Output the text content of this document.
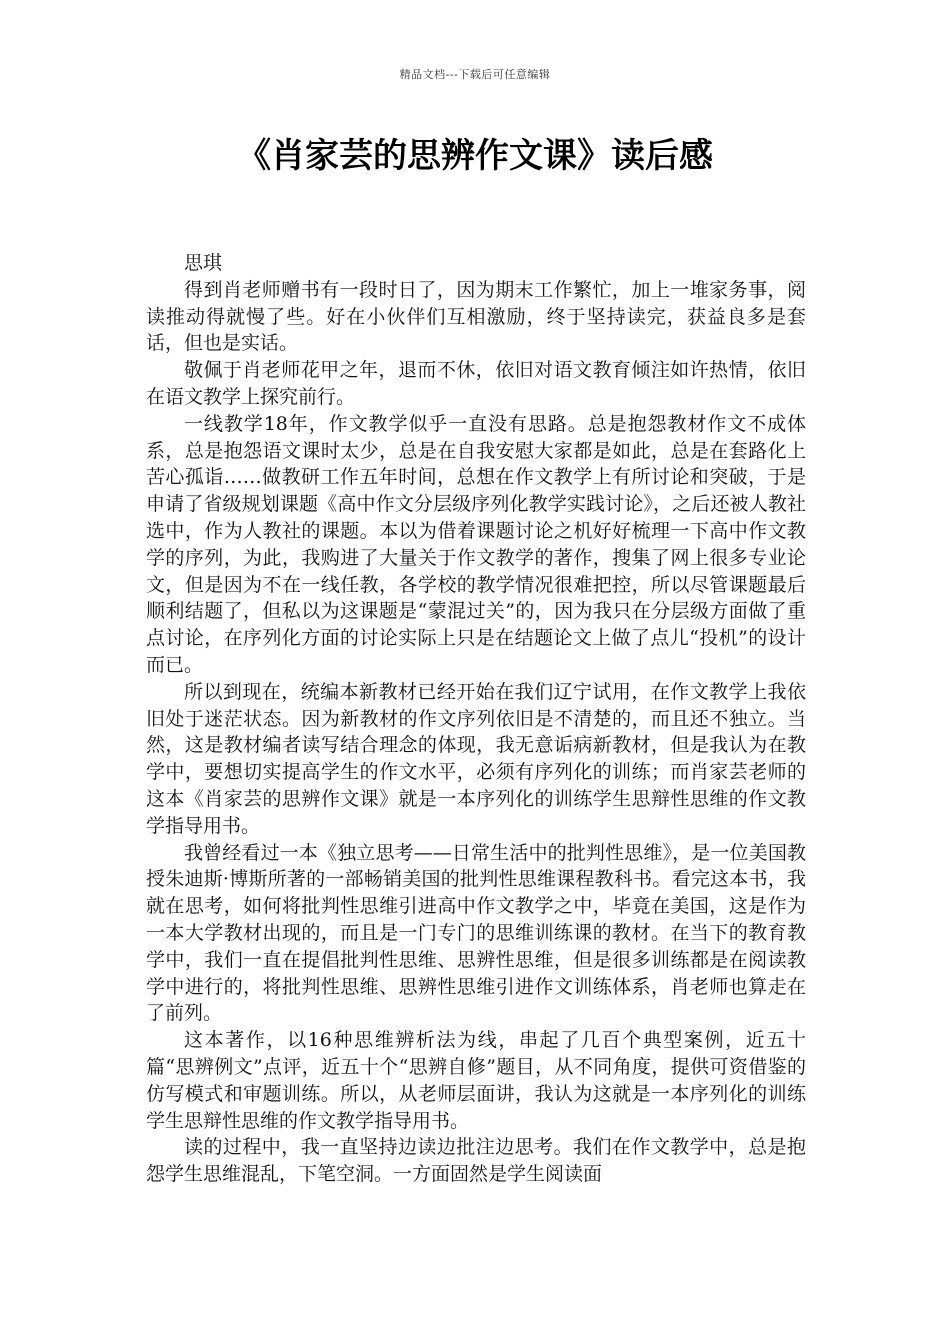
精品文档---下载后可任意编辑
《肖家芸的思辨作文课》读后感
思琪

得到肖老师赠书有一段时日了，因为期末工作繁忙，加上一堆家务事，阅读推动得就慢了些。好在小伙伴们互相激励，终于坚持读完，获益良多是套话，但也是实话。

敬佩于肖老师花甲之年，退而不休，依旧对语文教育倾注如许热情，依旧在语文教学上探究前行。

一线教学18年，作文教学似乎一直没有思路。总是抱怨教材作文不成体系，总是抱怨语文课时太少，总是在自我安慰大家都是如此，总是在套路化上苦心孤诣……做教研工作五年时间，总想在作文教学上有所讨论和突破，于是申请了省级规划课题《高中作文分层级序列化教学实践讨论》，之后还被人教社选中，作为人教社的课题。本以为借着课题讨论之机好好梳理一下高中作文教学的序列，为此，我购进了大量关于作文教学的著作，搜集了网上很多专业论文，但是因为不在一线任教，各学校的教学情况很难把控，所以尽管课题最后顺利结题了，但私以为这课题是“蒙混过关”的，因为我只在分层级方面做了重点讨论，在序列化方面的讨论实际上只是在结题论文上做了点儿“投机”的设计而已。

所以到现在，统编本新教材已经开始在我们辽宁试用，在作文教学上我依旧处于迷茫状态。因为新教材的作文序列依旧是不清楚的，而且还不独立。当然，这是教材编者读写结合理念的体现，我无意诟病新教材，但是我认为在教学中，要想切实提高学生的作文水平，必须有序列化的训练；而肖家芸老师的这本《肖家芸的思辨作文课》就是一本序列化的训练学生思辩性思维的作文教学指导用书。

我曾经看过一本《独立思考——日常生活中的批判性思维》，是一位美国教授朱迪斯·博斯所著的一部畅销美国的批判性思维课程教科书。看完这本书，我就在思考，如何将批判性思维引进高中作文教学之中，毕竟在美国，这是作为一本大学教材出现的，而且是一门专门的思维训练课的教材。在当下的教育教学中，我们一直在提倡批判性思维、思辨性思维，但是很多训练都是在阅读教学中进行的，将批判性思维、思辨性思维引进作文训练体系，肖老师也算走在了前列。

这本著作，以16种思维辨析法为线，串起了几百个典型案例，近五十篇“思辨例文”点评，近五十个“思辨自修”题目，从不同角度，提供可资借鉴的仿写模式和审题训练。所以，从老师层面讲，我认为这就是一本序列化的训练学生思辩性思维的作文教学指导用书。

读的过程中，我一直坚持边读边批注边思考。我们在作文教学中，总是抱怨学生思维混乱，下笔空洞。一方面固然是学生阅读面
